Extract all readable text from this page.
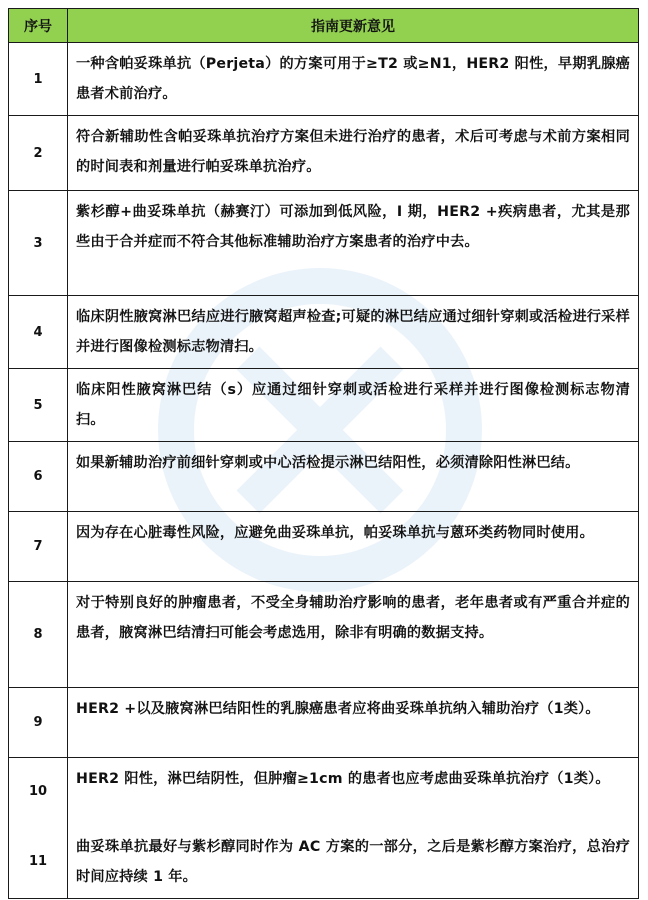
序号	指南更新意见
1	一种含帕妥珠单抗（Perjeta）的方案可用于≥T2 或≥N1，HER2 阳性，早期乳腺癌患者术前治疗。
2	符合新辅助性含帕妥珠单抗治疗方案但未进行治疗的患者，术后可考虑与术前方案相同的时间表和剂量进行帕妥珠单抗治疗。
3	紫杉醇+曲妥珠单抗（赫赛汀）可添加到低风险，I 期，HER2 +疾病患者，尤其是那些由于合并症而不符合其他标准辅助治疗方案患者的治疗中去。
4	临床阴性腋窝淋巴结应进行腋窝超声检查;可疑的淋巴结应通过细针穿刺或活检进行采样并进行图像检测标志物清扫。
5	临床阳性腋窝淋巴结（s）应通过细针穿刺或活检进行采样并进行图像检测标志物清扫。
6	如果新辅助治疗前细针穿刺或中心活检提示淋巴结阳性，必须清除阳性淋巴结。
7	因为存在心脏毒性风险，应避免曲妥珠单抗，帕妥珠单抗与蒽环类药物同时使用。
8	对于特别良好的肿瘤患者，不受全身辅助治疗影响的患者，老年患者或有严重合并症的患者，腋窝淋巴结清扫可能会考虑选用，除非有明确的数据支持。
9	HER2 +以及腋窝淋巴结阳性的乳腺癌患者应将曲妥珠单抗纳入辅助治疗（1类）。
10	HER2 阳性，淋巴结阴性，但肿瘤≥1cm 的患者也应考虑曲妥珠单抗治疗（1类）。
11	曲妥珠单抗最好与紫杉醇同时作为 AC 方案的一部分，之后是紫杉醇方案治疗，总治疗时间应持续 1 年。
